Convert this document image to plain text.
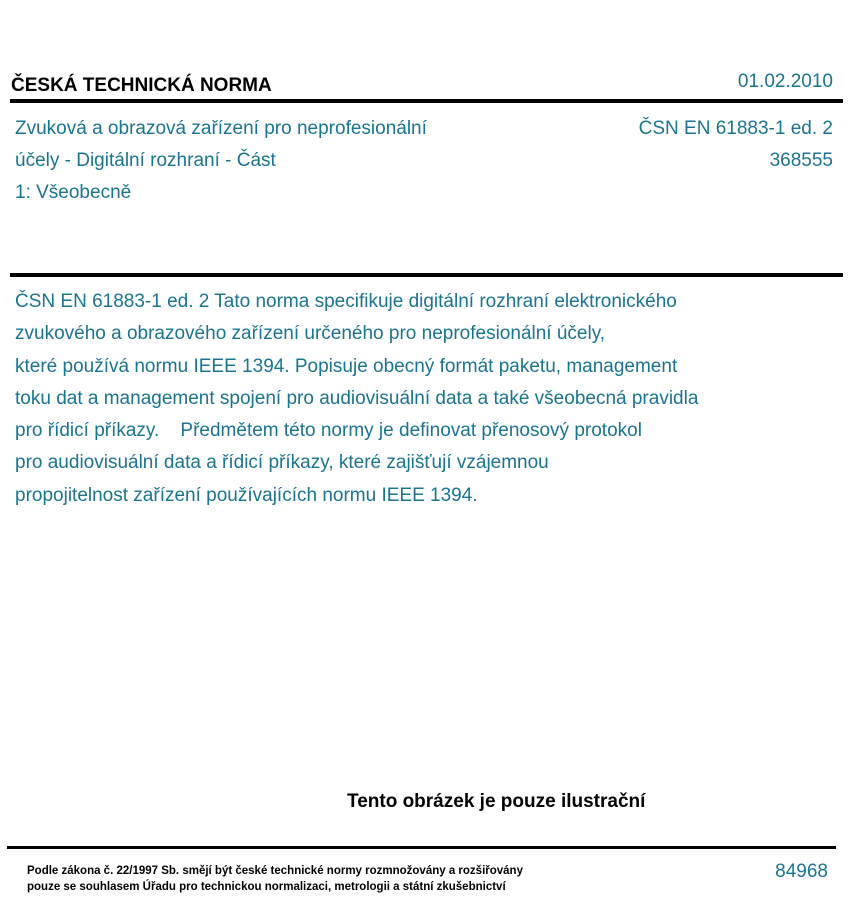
ČESKÁ TECHNICKÁ NORMA	01.02.2010
Zvuková a obrazová zařízení pro neprofesionální
účely - Digitální rozhraní - Část
1: Všeobecně
ČSN EN 61883-1 ed. 2
368555
ČSN EN 61883-1 ed. 2 Tato norma specifikuje digitální rozhraní elektronického
zvukového a obrazového zařízení určeného pro neprofesionální účely,
které používá normu IEEE 1394. Popisuje obecný formát paketu, management
toku dat a management spojení pro audiovisuální data a také všeobecná pravidla
pro řídicí příkazy.    Předmětem této normy je definovat přenosový protokol
pro audiovisuální data a řídicí příkazy, které zajišťují vzájemnou
propojitelnost zařízení používajících normu IEEE 1394.
Tento obrázek je pouze ilustrační
Podle zákona č. 22/1997 Sb. smějí být české technické normy rozmnožovány a rozšiřovány
pouze se souhlasem Úřadu pro technickou normalizaci, metrologii a státní zkušebnictví
84968
